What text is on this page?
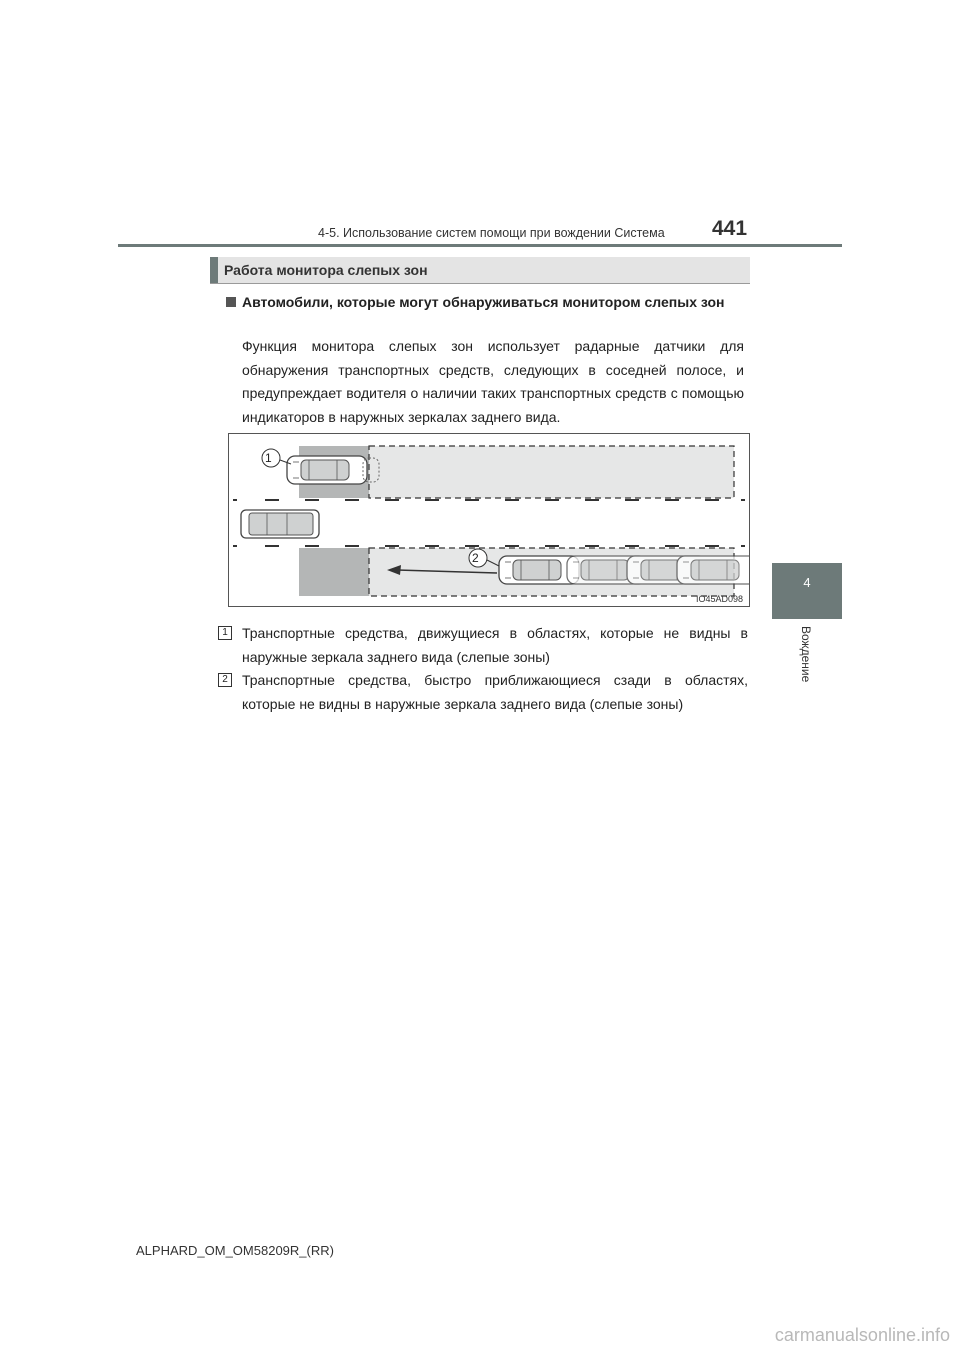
4-5. Использование систем помощи при вождении Система	441
4
Вождение
Работа монитора слепых зон
Автомобили, которые могут обнаруживаться монитором слепых зон
Функция монитора слепых зон использует радарные датчики для обнаружения транспортных средств, следующих в соседней полосе, и предупреждает водителя о наличии таких транспортных средств с помощью индикаторов в наружных зеркалах заднего вида.
1
2
IO45AD098
1	Транспортные средства, движущиеся в областях, которые не видны в наружные зеркала заднего вида (слепые зоны)
2	Транспортные средства, быстро приближающиеся сзади в областях, которые не видны в наружные зеркала заднего вида (слепые зоны)
ALPHARD_OM_OM58209R_(RR)
carmanualsonline.info
